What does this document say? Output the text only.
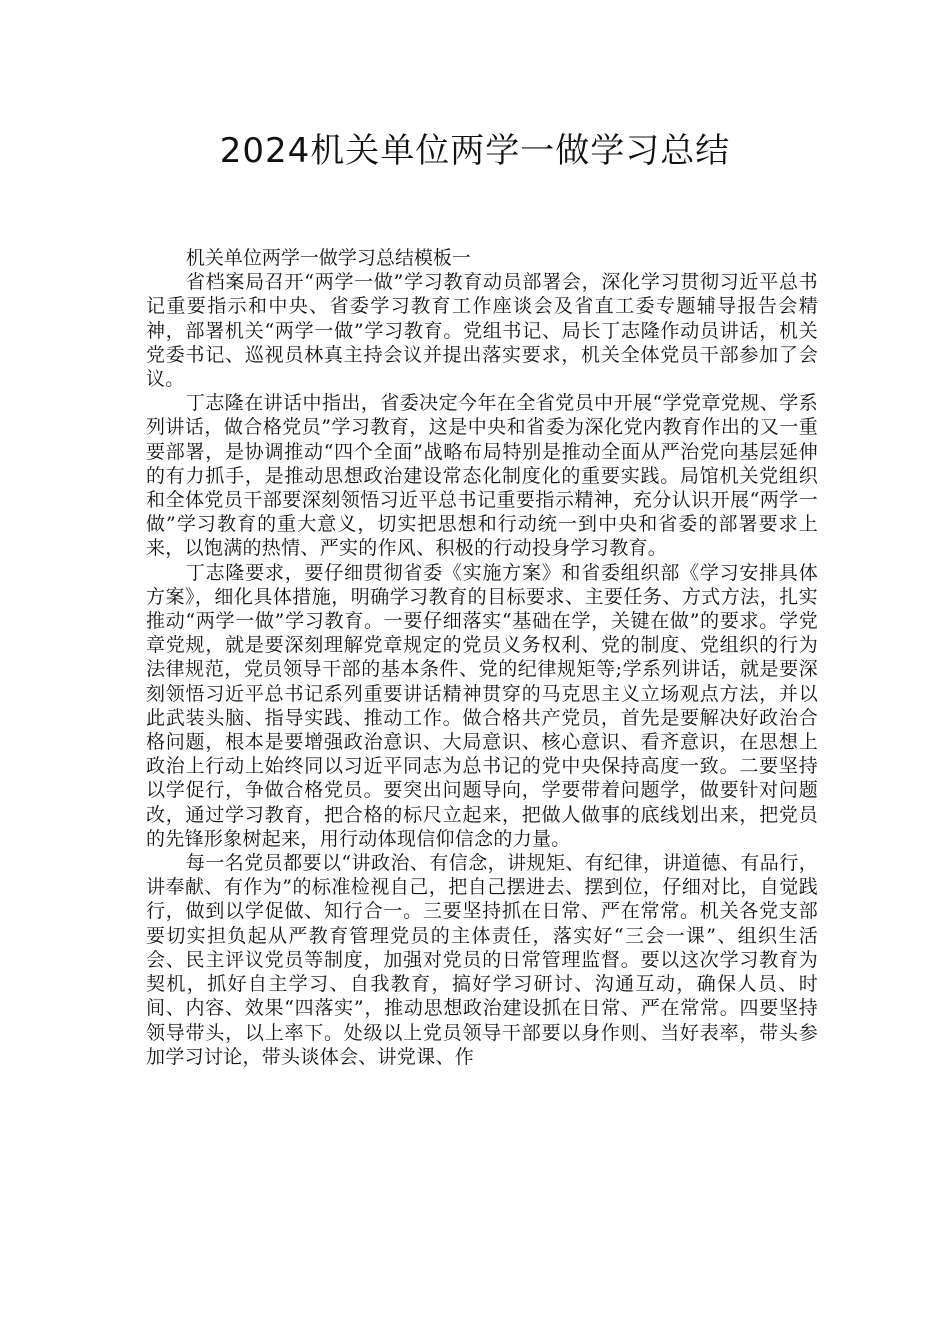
2024机关单位两学一做学习总结

机关单位两学一做学习总结模板一

省档案局召开“两学一做”学习教育动员部署会，深化学习贯彻习近平总书记重要指示和中央、省委学习教育工作座谈会及省直工委专题辅导报告会精神，部署机关“两学一做”学习教育。党组书记、局长丁志隆作动员讲话，机关党委书记、巡视员林真主持会议并提出落实要求，机关全体党员干部参加了会议。

丁志隆在讲话中指出，省委决定今年在全省党员中开展“学党章党规、学系列讲话，做合格党员”学习教育，这是中央和省委为深化党内教育作出的又一重要部署，是协调推动“四个全面”战略布局特别是推动全面从严治党向基层延伸的有力抓手，是推动思想政治建设常态化制度化的重要实践。局馆机关党组织和全体党员干部要深刻领悟习近平总书记重要指示精神，充分认识开展“两学一做”学习教育的重大意义，切实把思想和行动统一到中央和省委的部署要求上来，以饱满的热情、严实的作风、积极的行动投身学习教育。

丁志隆要求，要仔细贯彻省委《实施方案》和省委组织部《学习安排具体方案》，细化具体措施，明确学习教育的目标要求、主要任务、方式方法，扎实推动“两学一做”学习教育。一要仔细落实“基础在学，关键在做”的要求。学党章党规，就是要深刻理解党章规定的党员义务权利、党的制度、党组织的行为法律规范，党员领导干部的基本条件、党的纪律规矩等;学系列讲话，就是要深刻领悟习近平总书记系列重要讲话精神贯穿的马克思主义立场观点方法，并以此武装头脑、指导实践、推动工作。做合格共产党员，首先是要解决好政治合格问题，根本是要增强政治意识、大局意识、核心意识、看齐意识，在思想上政治上行动上始终同以习近平同志为总书记的党中央保持高度一致。二要坚持以学促行，争做合格党员。要突出问题导向，学要带着问题学，做要针对问题改，通过学习教育，把合格的标尺立起来，把做人做事的底线划出来，把党员的先锋形象树起来，用行动体现信仰信念的力量。

每一名党员都要以“讲政治、有信念，讲规矩、有纪律，讲道德、有品行，讲奉献、有作为”的标准检视自己，把自己摆进去、摆到位，仔细对比，自觉践行，做到以学促做、知行合一。三要坚持抓在日常、严在常常。机关各党支部要切实担负起从严教育管理党员的主体责任，落实好“三会一课”、组织生活会、民主评议党员等制度，加强对党员的日常管理监督。要以这次学习教育为契机，抓好自主学习、自我教育，搞好学习研讨、沟通互动，确保人员、时间、内容、效果“四落实”，推动思想政治建设抓在日常、严在常常。四要坚持领导带头，以上率下。处级以上党员领导干部要以身作则、当好表率，带头参加学习讨论，带头谈体会、讲党课、作
